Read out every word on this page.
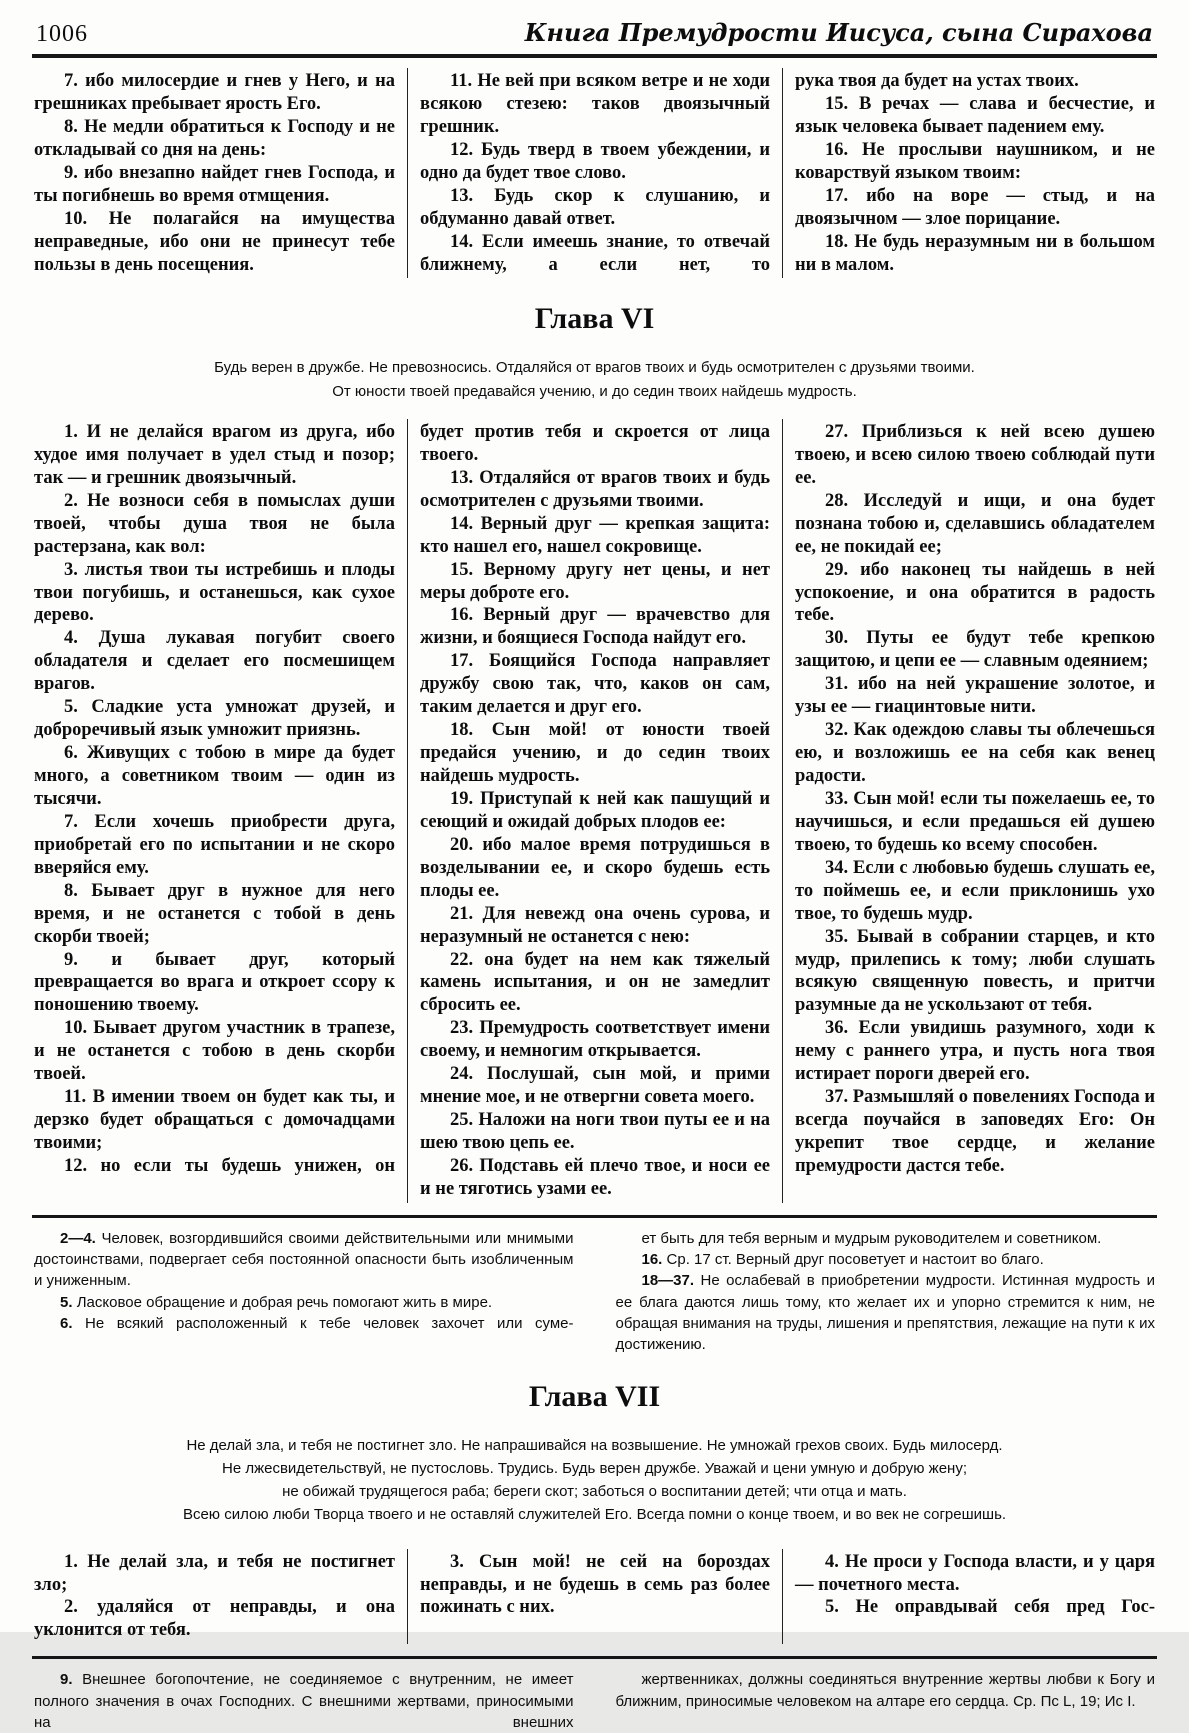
1006	Книга Премудрости Иисуса, сына Сирахова

7. ибо милосердие и гнев у Него, и на грешниках пребывает ярость Его.

8. Не медли обратиться к Господу и не откладывай со дня на день:

9. ибо внезапно найдет гнев Господа, и ты погибнешь во время отмщения.

10. Не полагайся на имущества неправедные, ибо они не принесут тебе пользы в день посещения.

11. Не вей при всяком ветре и не ходи всякою стезею: таков двоязычный грешник.

12. Будь тверд в твоем убеждении, и одно да будет твое слово.

13. Будь скор к слушанию, и обдуманно давай ответ.

14. Если имеешь знание, то отвечай ближнему, а если нет, то

рука твоя да будет на устах твоих.

15. В речах — слава и бесчестие, и язык человека бывает падением ему.

16. Не прослыви наушником, и не коварствуй языком твоим:

17. ибо на воре — стыд, и на двоязычном — злое порицание.

18. Не будь неразумным ни в большом ни в малом.

Глава VI
Будь верен в дружбе. Не превозносись. Отдаляйся от врагов твоих и будь осмотрителен с друзьями твоими.
От юности твоей предавайся учению, и до седин твоих найдешь мудрость.

1. И не делайся врагом из друга, ибо худое имя получает в удел стыд и позор; так — и грешник двоязычный.

2. Не возноси себя в помыслах души твоей, чтобы душа твоя не была растерзана, как вол:

3. листья твои ты истребишь и плоды твои погубишь, и останешься, как сухое дерево.

4. Душа лукавая погубит своего обладателя и сделает его посмешищем врагов.

5. Сладкие уста умножат друзей, и доброречивый язык умножит приязнь.

6. Живущих с тобою в мире да будет много, а советником твоим — один из тысячи.

7. Если хочешь приобрести друга, приобретай его по испытании и не скоро вверяйся ему.

8. Бывает друг в нужное для него время, и не останется с тобой в день скорби твоей;

9. и бывает друг, который превращается во врага и откроет ссору к поношению твоему.

10. Бывает другом участник в трапезе, и не останется с тобою в день скорби твоей.

11. В имении твоем он будет как ты, и дерзко будет обращаться с домочадцами твоими;

12. но если ты будешь унижен, он

будет против тебя и скроется от лица твоего.

13. Отдаляйся от врагов твоих и будь осмотрителен с друзьями твоими.

14. Верный друг — крепкая защита: кто нашел его, нашел сокровище.

15. Верному другу нет цены, и нет меры доброте его.

16. Верный друг — врачевство для жизни, и боящиеся Господа найдут его.

17. Боящийся Господа направляет дружбу свою так, что, каков он сам, таким делается и друг его.

18. Сын мой! от юности твоей предайся учению, и до седин твоих найдешь мудрость.

19. Приступай к ней как пашущий и сеющий и ожидай добрых плодов ее:

20. ибо малое время потрудишься в возделывании ее, и скоро будешь есть плоды ее.

21. Для невежд она очень сурова, и неразумный не останется с нею:

22. она будет на нем как тяжелый камень испытания, и он не замедлит сбросить ее.

23. Премудрость соответствует имени своему, и немногим открывается.

24. Послушай, сын мой, и прими мнение мое, и не отвергни совета моего.

25. Наложи на ноги твои путы ее и на шею твою цепь ее.

26. Подставь ей плечо твое, и носи ее и не тяготись узами ее.

27. Приблизься к ней всею душею твоею, и всею силою твоею соблюдай пути ее.

28. Исследуй и ищи, и она будет познана тобою и, сделавшись обладателем ее, не покидай ее;

29. ибо наконец ты найдешь в ней успокоение, и она обратится в радость тебе.

30. Путы ее будут тебе крепкою защитою, и цепи ее — славным одеянием;

31. ибо на ней украшение золотое, и узы ее — гиацинтовые нити.

32. Как одеждою славы ты облечешься ею, и возложишь ее на себя как венец радости.

33. Сын мой! если ты пожелаешь ее, то научишься, и если предашься ей душею твоею, то будешь ко всему способен.

34. Если с любовью будешь слушать ее, то поймешь ее, и если приклонишь ухо твое, то будешь мудр.

35. Бывай в собрании старцев, и кто мудр, прилепись к тому; люби слушать всякую священную повесть, и притчи разумные да не ускользают от тебя.

36. Если увидишь разумного, ходи к нему с раннего утра, и пусть нога твоя истирает пороги дверей его.

37. Размышляй о повелениях Господа и всегда поучайся в заповедях Его: Он укрепит твое сердце, и желание премудрости дастся тебе.

2—4. Человек, возгордившийся своими действительными или мнимыми достоинствами, подвергает себя постоянной опасности быть изобличенным и униженным.

5. Ласковое обращение и добрая речь помогают жить в мире.

6. Не всякий расположенный к тебе человек захочет или суме-

ет быть для тебя верным и мудрым руководителем и советником.

16. Ср. 17 ст. Верный друг посоветует и настоит во благо.

18—37. Не ослабевай в приобретении мудрости. Истинная мудрость и ее блага даются лишь тому, кто желает их и упорно стремится к ним, не обращая внимания на труды, лишения и препятствия, лежащие на пути к их достижению.

Глава VII
Не делай зла, и тебя не постигнет зло. Не напрашивайся на возвышение. Не умножай грехов своих. Будь милосерд.
Не лжесвидетельствуй, не пустословь. Трудись. Будь верен дружбе. Уважай и цени умную и добрую жену;
не обижай трудящегося раба; береги скот; заботься о воспитании детей; чти отца и мать.
Всею силою люби Творца твоего и не оставляй служителей Его. Всегда помни о конце твоем, и во век не согрешишь.

1. Не делай зла, и тебя не постигнет зло;

2. удаляйся от неправды, и она уклонится от тебя.

3. Сын мой! не сей на бороздах неправды, и не будешь в семь раз более пожинать с них.

4. Не проси у Господа власти, и у царя — почетного места.

5. Не оправдывай себя пред Гос-

9. Внешнее богопочтение, не соединяемое с внутренним, не имеет полного значения в очах Господних. С внешними жертвами, приносимыми на внешних

жертвенниках, должны соединяться внутренние жертвы любви к Богу и ближним, приносимые человеком на алтаре его сердца. Ср. Пс L, 19; Ис I.
